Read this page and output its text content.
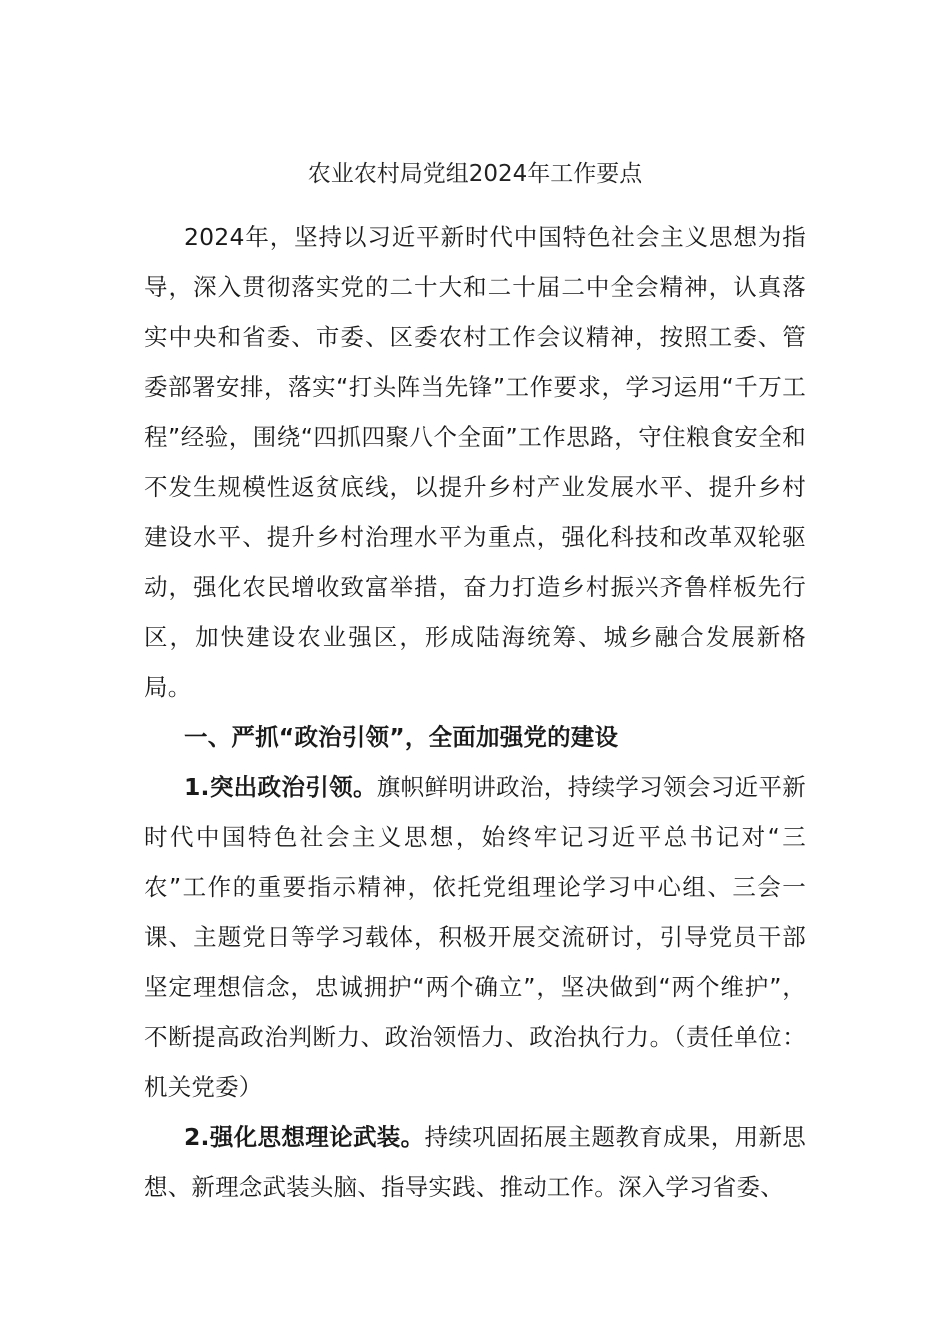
农业农村局党组2024年工作要点

2024年，坚持以习近平新时代中国特色社会主义思想为指导，深入贯彻落实党的二十大和二十届二中全会精神，认真落实中央和省委、市委、区委农村工作会议精神，按照工委、管委部署安排，落实“打头阵当先锋”工作要求，学习运用“千万工程”经验，围绕“四抓四聚八个全面”工作思路，守住粮食安全和不发生规模性返贫底线，以提升乡村产业发展水平、提升乡村建设水平、提升乡村治理水平为重点，强化科技和改革双轮驱动，强化农民增收致富举措，奋力打造乡村振兴齐鲁样板先行区，加快建设农业强区，形成陆海统筹、城乡融合发展新格局。

一、严抓“政治引领”，全面加强党的建设

1.突出政治引领。旗帜鲜明讲政治，持续学习领会习近平新时代中国特色社会主义思想，始终牢记习近平总书记对“三农”工作的重要指示精神，依托党组理论学习中心组、三会一课、主题党日等学习载体，积极开展交流研讨，引导党员干部坚定理想信念，忠诚拥护“两个确立”，坚决做到“两个维护”，不断提高政治判断力、政治领悟力、政治执行力。（责任单位：机关党委）

2.强化思想理论武装。持续巩固拓展主题教育成果，用新思想、新理念武装头脑、指导实践、推动工作。深入学习省委、
